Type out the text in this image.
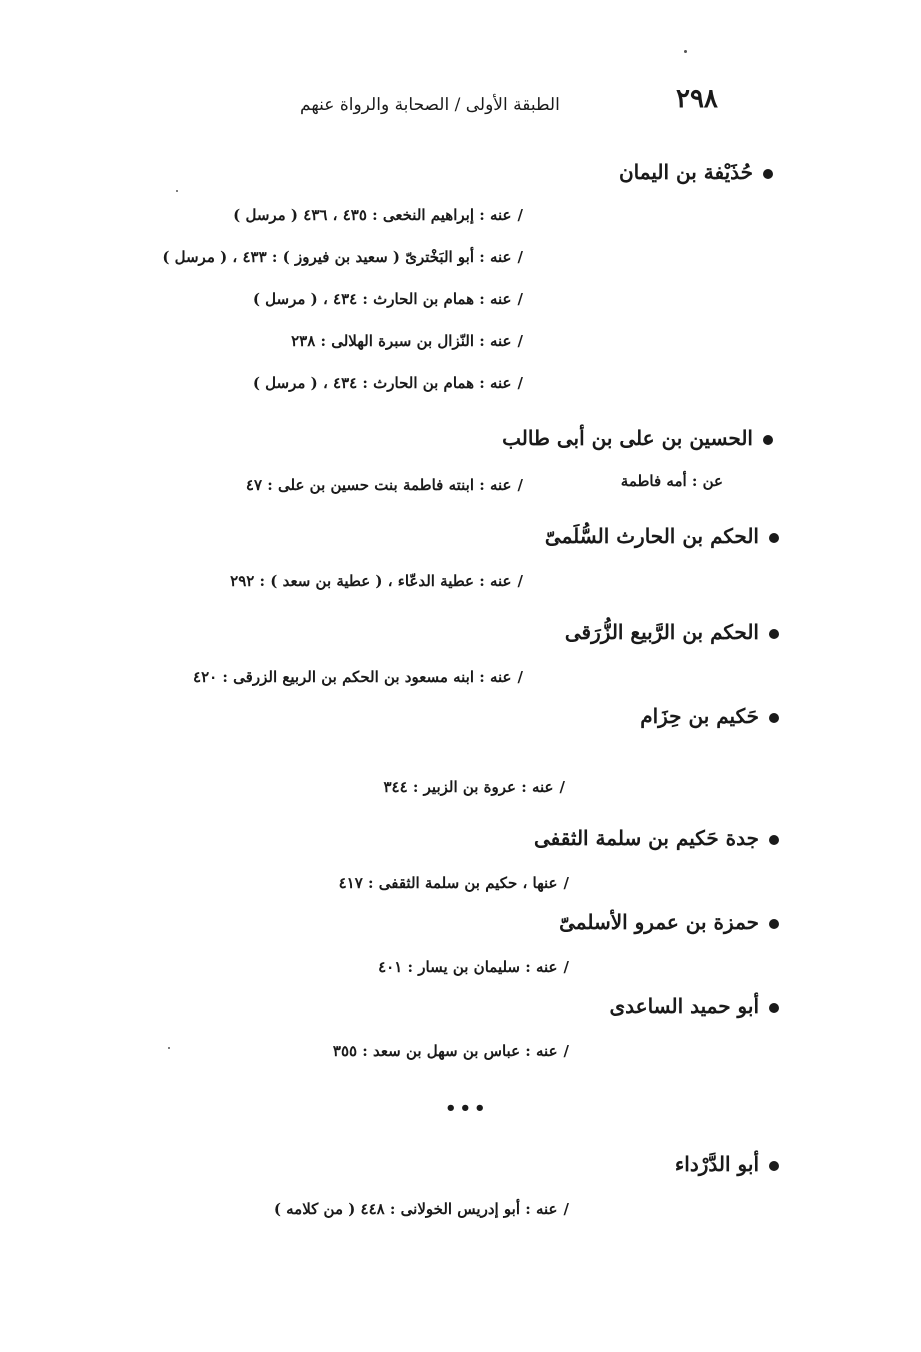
٢٩٨
الطبقة الأولى / الصحابة والرواة عنهم
حُذَيْفة بن اليمان
/عنه : إبراهيم النخعى : ٤٣٥ ، ٤٣٦ ( مرسل )
/عنه : أبو البَخْترىّ ( سعيد بن فيروز ) : ٤٣٣ ، ( مرسل )
/عنه : همام بن الحارث : ٤٣٤ ، ( مرسل )
/عنه : النّزال بن سبرة الهلالى : ٢٣٨
/عنه : همام بن الحارث : ٤٣٤ ، ( مرسل )
الحسين بن على بن أبى طالب
عن : أمه فاطمة
/عنه : ابنته فاطمة بنت حسين بن على : ٤٧
الحكم بن الحارث السُّلَمىّ
/عنه : عطية الدعّاء ، ( عطية بن سعد ) : ٢٩٢
الحكم بن الرَّبيع الزُّرَقى
/عنه : ابنه مسعود بن الحكم بن الربيع الزرقى : ٤٢٠
حَكيم بن حِزَام
/عنه : عروة بن الزبير : ٣٤٤
جدة حَكيم بن سلمة الثقفى
/عنها ، حكيم بن سلمة الثقفى : ٤١٧
حمزة بن عمرو الأسلمىّ
/عنه : سليمان بن يسار : ٤٠١
أبو حميد الساعدى
/عنه : عباس بن سهل بن سعد : ٣٥٥
•••
أبو الدَّرْداء
/عنه : أبو إدريس الخولانى : ٤٤٨ ( من كلامه )
